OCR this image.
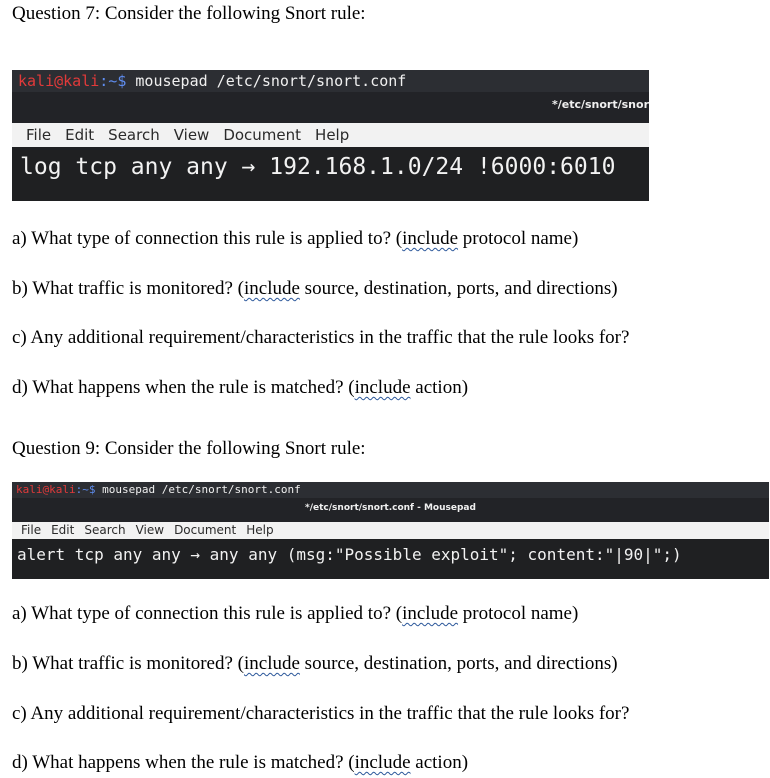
Question 7: Consider the following Snort rule:
kali@kali:~$ mousepad /etc/snort/snort.conf
*/etc/snort/snor
File Edit Search View Document Help
log tcp any any → 192.168.1.0/24 !6000:6010
a) What type of connection this rule is applied to? (include protocol name)
b) What traffic is monitored? (include source, destination, ports, and directions)
c) Any additional requirement/characteristics in the traffic that the rule looks for?
d) What happens when the rule is matched? (include action)
Question 9: Consider the following Snort rule:
kali@kali:~$ mousepad /etc/snort/snort.conf
*/etc/snort/snort.conf - Mousepad
File Edit Search View Document Help
alert tcp any any → any any (msg:"Possible exploit"; content:"|90|";)
a) What type of connection this rule is applied to? (include protocol name)
b) What traffic is monitored? (include source, destination, ports, and directions)
c) Any additional requirement/characteristics in the traffic that the rule looks for?
d) What happens when the rule is matched? (include action)
